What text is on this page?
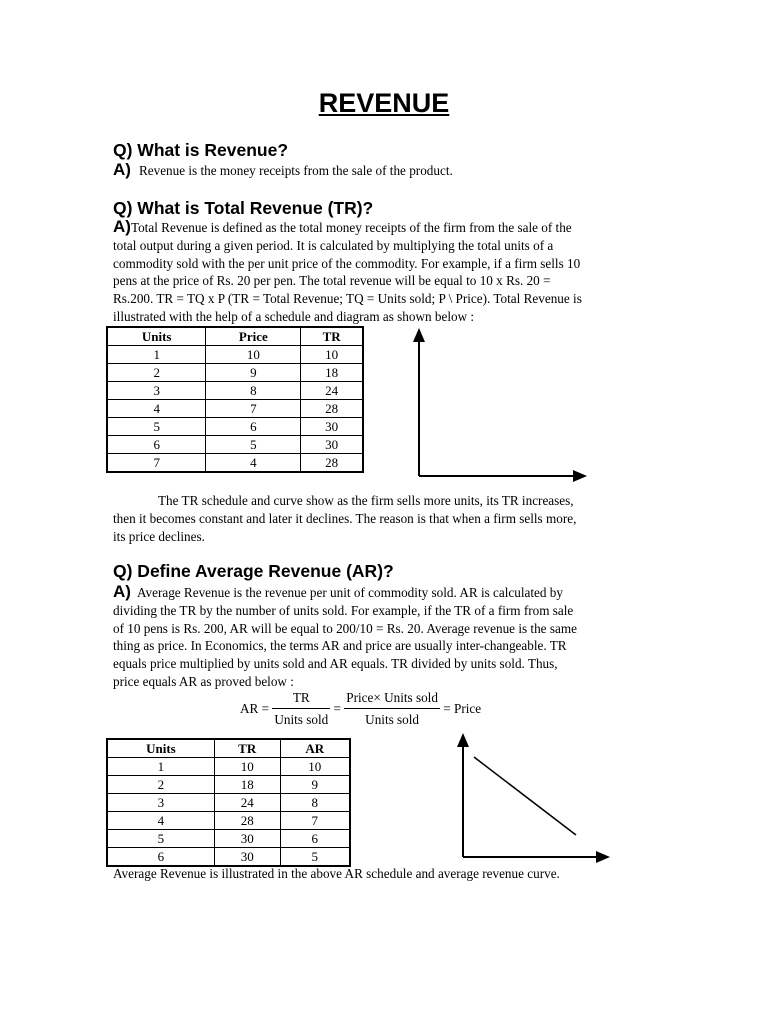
REVENUE
Q) What is Revenue?
A) Revenue is the money receipts from the sale of the product.
Q) What is Total Revenue (TR)?
A)Total Revenue is defined as the total money receipts of the firm from the sale of the
total output during a given period. It is calculated by multiplying the total units of a
commodity sold with the per unit price of the commodity. For example, if a firm sells 10
pens at the price of Rs. 20 per pen. The total revenue will be equal to 10 x Rs. 20 =
Rs.200. TR = TQ x P (TR = Total Revenue; TQ = Units sold; P \ Price). Total Revenue is
illustrated with the help of a schedule and diagram as shown below :
Units	Price	TR
1	10	10
2	9	18
3	8	24
4	7	28
5	6	30
6	5	30
7	4	28
The TR schedule and curve show as the firm sells more units, its TR increases,
then it becomes constant and later it declines. The reason is that when a firm sells more,
its price declines.
Q) Define Average Revenue (AR)?
A) Average Revenue is the revenue per unit of commodity sold. AR is calculated by
dividing the TR by the number of units sold. For example, if the TR of a firm from sale
of 10 pens is Rs. 200, AR will be equal to 200/10 = Rs. 20. Average revenue is the same
thing as price. In Economics, the terms AR and price are usually inter-changeable. TR
equals price multiplied by units sold and AR equals. TR divided by units sold. Thus,
price equals AR as proved below :
AR = $\frac{TR}{\text{Units sold}} = \frac{\text{Price× Units sold}}{\text{Units sold}}$ = Price
Units	TR	AR
1	10	10
2	18	9
3	24	8
4	28	7
5	30	6
6	30	5
Average Revenue is illustrated in the above AR schedule and average revenue curve.
